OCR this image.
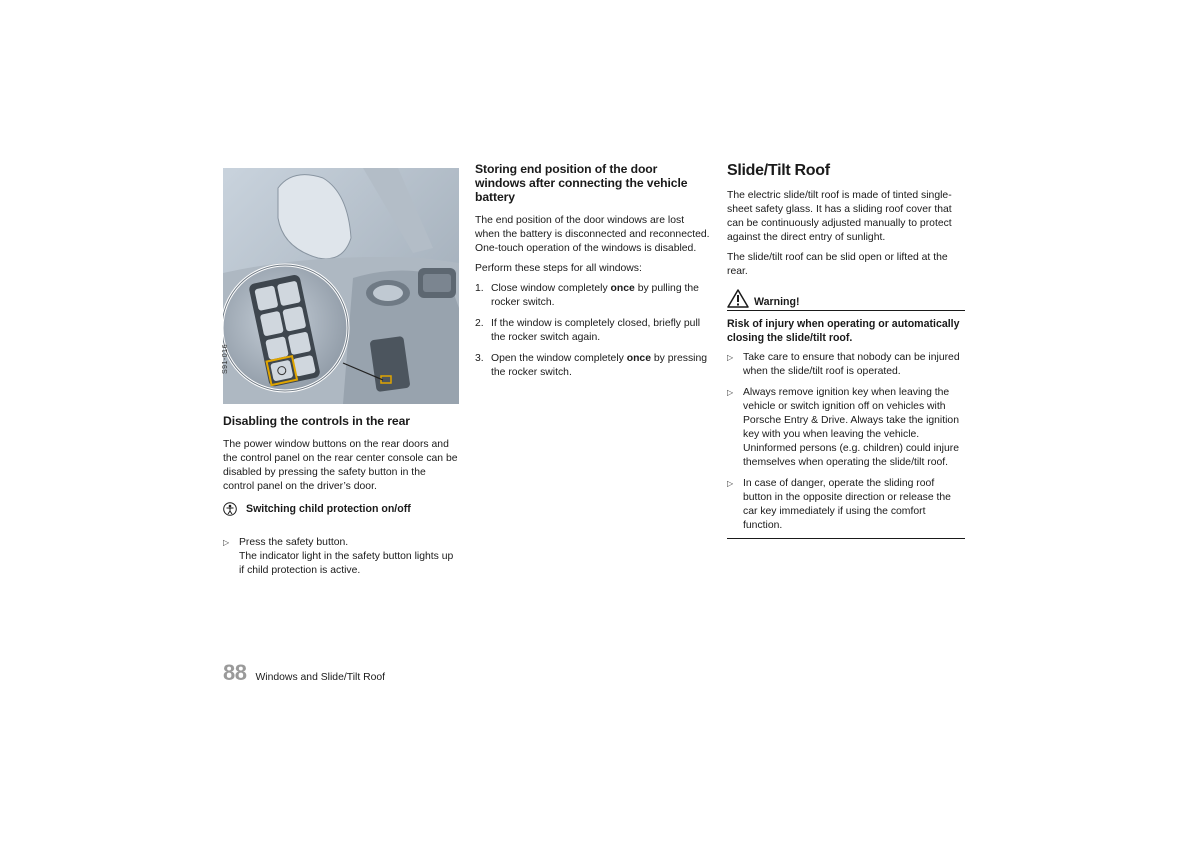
S91-016
Disabling the controls in the rear

The power window buttons on the rear doors and the control panel on the rear center console can be disabled by pressing the safety button in the control panel on the driver’s door.

Switching child protection on/off
▷ Press the safety button.
The indicator light in the safety button lights up if child protection is active.
Storing end position of the door windows after connecting the vehicle battery

The end position of the door windows are lost when the battery is disconnected and reconnected. One-touch operation of the windows is disabled.

Perform these steps for all windows:

1. Close window completely once by pulling the rocker switch.
2. If the window is completely closed, briefly pull the rocker switch again.
3. Open the window completely once by pressing the rocker switch.
Slide/Tilt Roof

The electric slide/tilt roof is made of tinted single-sheet safety glass. It has a sliding roof cover that can be continuously adjusted manually to protect against the direct entry of sunlight.

The slide/tilt roof can be slid open or lifted at the rear.

Warning!
Risk of injury when operating or automatically closing the slide/tilt roof.
▷ Take care to ensure that nobody can be injured when the slide/tilt roof is operated.
▷ Always remove ignition key when leaving the vehicle or switch ignition off on vehicles with Porsche Entry & Drive. Always take the ignition key with you when leaving the vehicle. Uninformed persons (e.g. children) could injure themselves when operating the slide/tilt roof.
▷ In case of danger, operate the sliding roof button in the opposite direction or release the car key immediately if using the comfort function.
88 Windows and Slide/Tilt Roof
